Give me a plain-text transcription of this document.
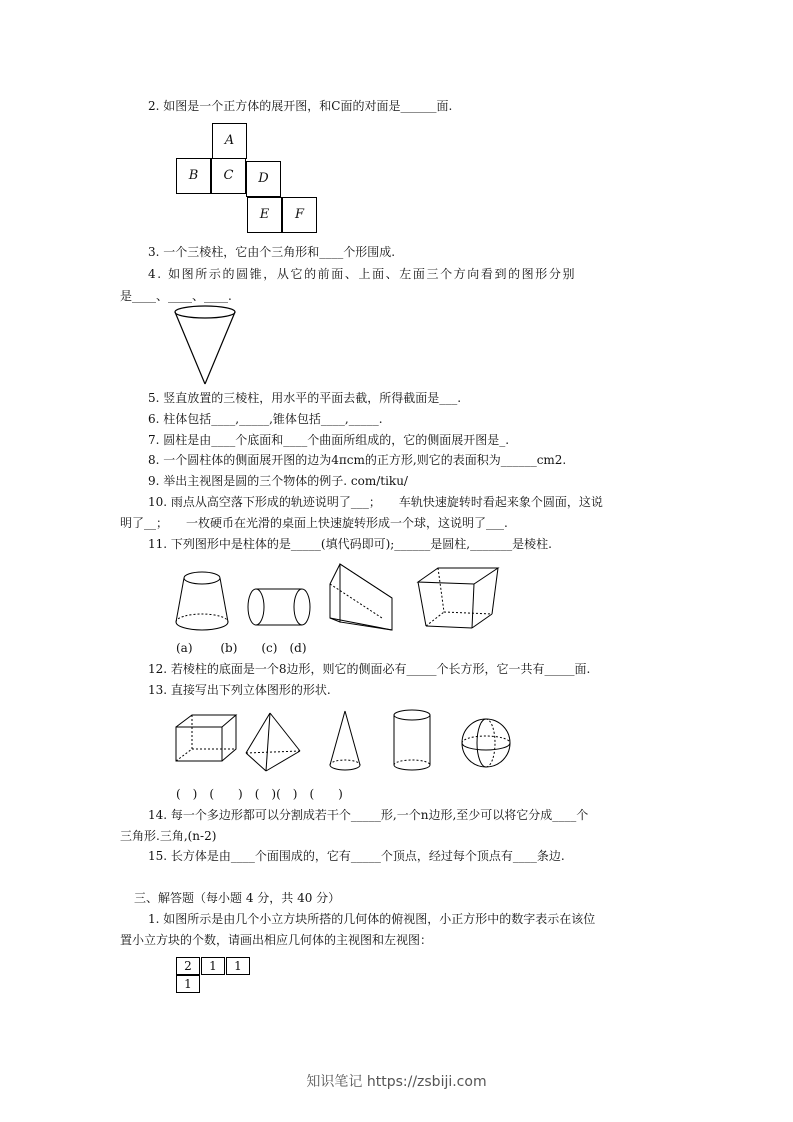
2. 如图是一个正方体的展开图，和C面的对面是______面.
A
B	C	D
E	F
3. 一个三棱柱，它由个三角形和____个形围成.
4. 如图所示的圆锥，从它的前面、上面、左面三个方向看到的图形分别
是____、____、____.
5. 竖直放置的三棱柱，用水平的平面去截，所得截面是___.
6. 柱体包括____,_____,锥体包括____,_____.
7. 圆柱是由____个底面和____个曲面所组成的，它的侧面展开图是_.
8. 一个圆柱体的侧面展开图的边为4πcm的正方形,则它的表面积为______cm2.
9. 举出主视图是圆的三个物体的例子. com/tiku/
10. 雨点从高空落下形成的轨迹说明了___；　　车轨快速旋转时看起来象个圆面，这说
明了__；　　一枚硬币在光滑的桌面上快速旋转形成一个球，这说明了___.
11. 下列图形中是柱体的是_____(填代码即可);______是圆柱,_______是棱柱.
(a)　　 (b)　　(c)　(d)
12. 若棱柱的底面是一个8边形，则它的侧面必有_____个长方形，它一共有_____面.
13. 直接写出下列立体图形的形状.
(　)　(　　)　(　)(　)　(　　)
14. 每一个多边形都可以分割成若干个_____形,一个n边形,至少可以将它分成____个
三角形.三角,(n-2)
15. 长方体是由____个面围成的，它有_____个顶点，经过每个顶点有____条边.
三、解答题（每小题 4 分，共 40 分）
1. 如图所示是由几个小立方块所搭的几何体的俯视图，小正方形中的数字表示在该位
置小立方块的个数，请画出相应几何体的主视图和左视图：
2	1	1
1
知识笔记 https://zsbiji.com
